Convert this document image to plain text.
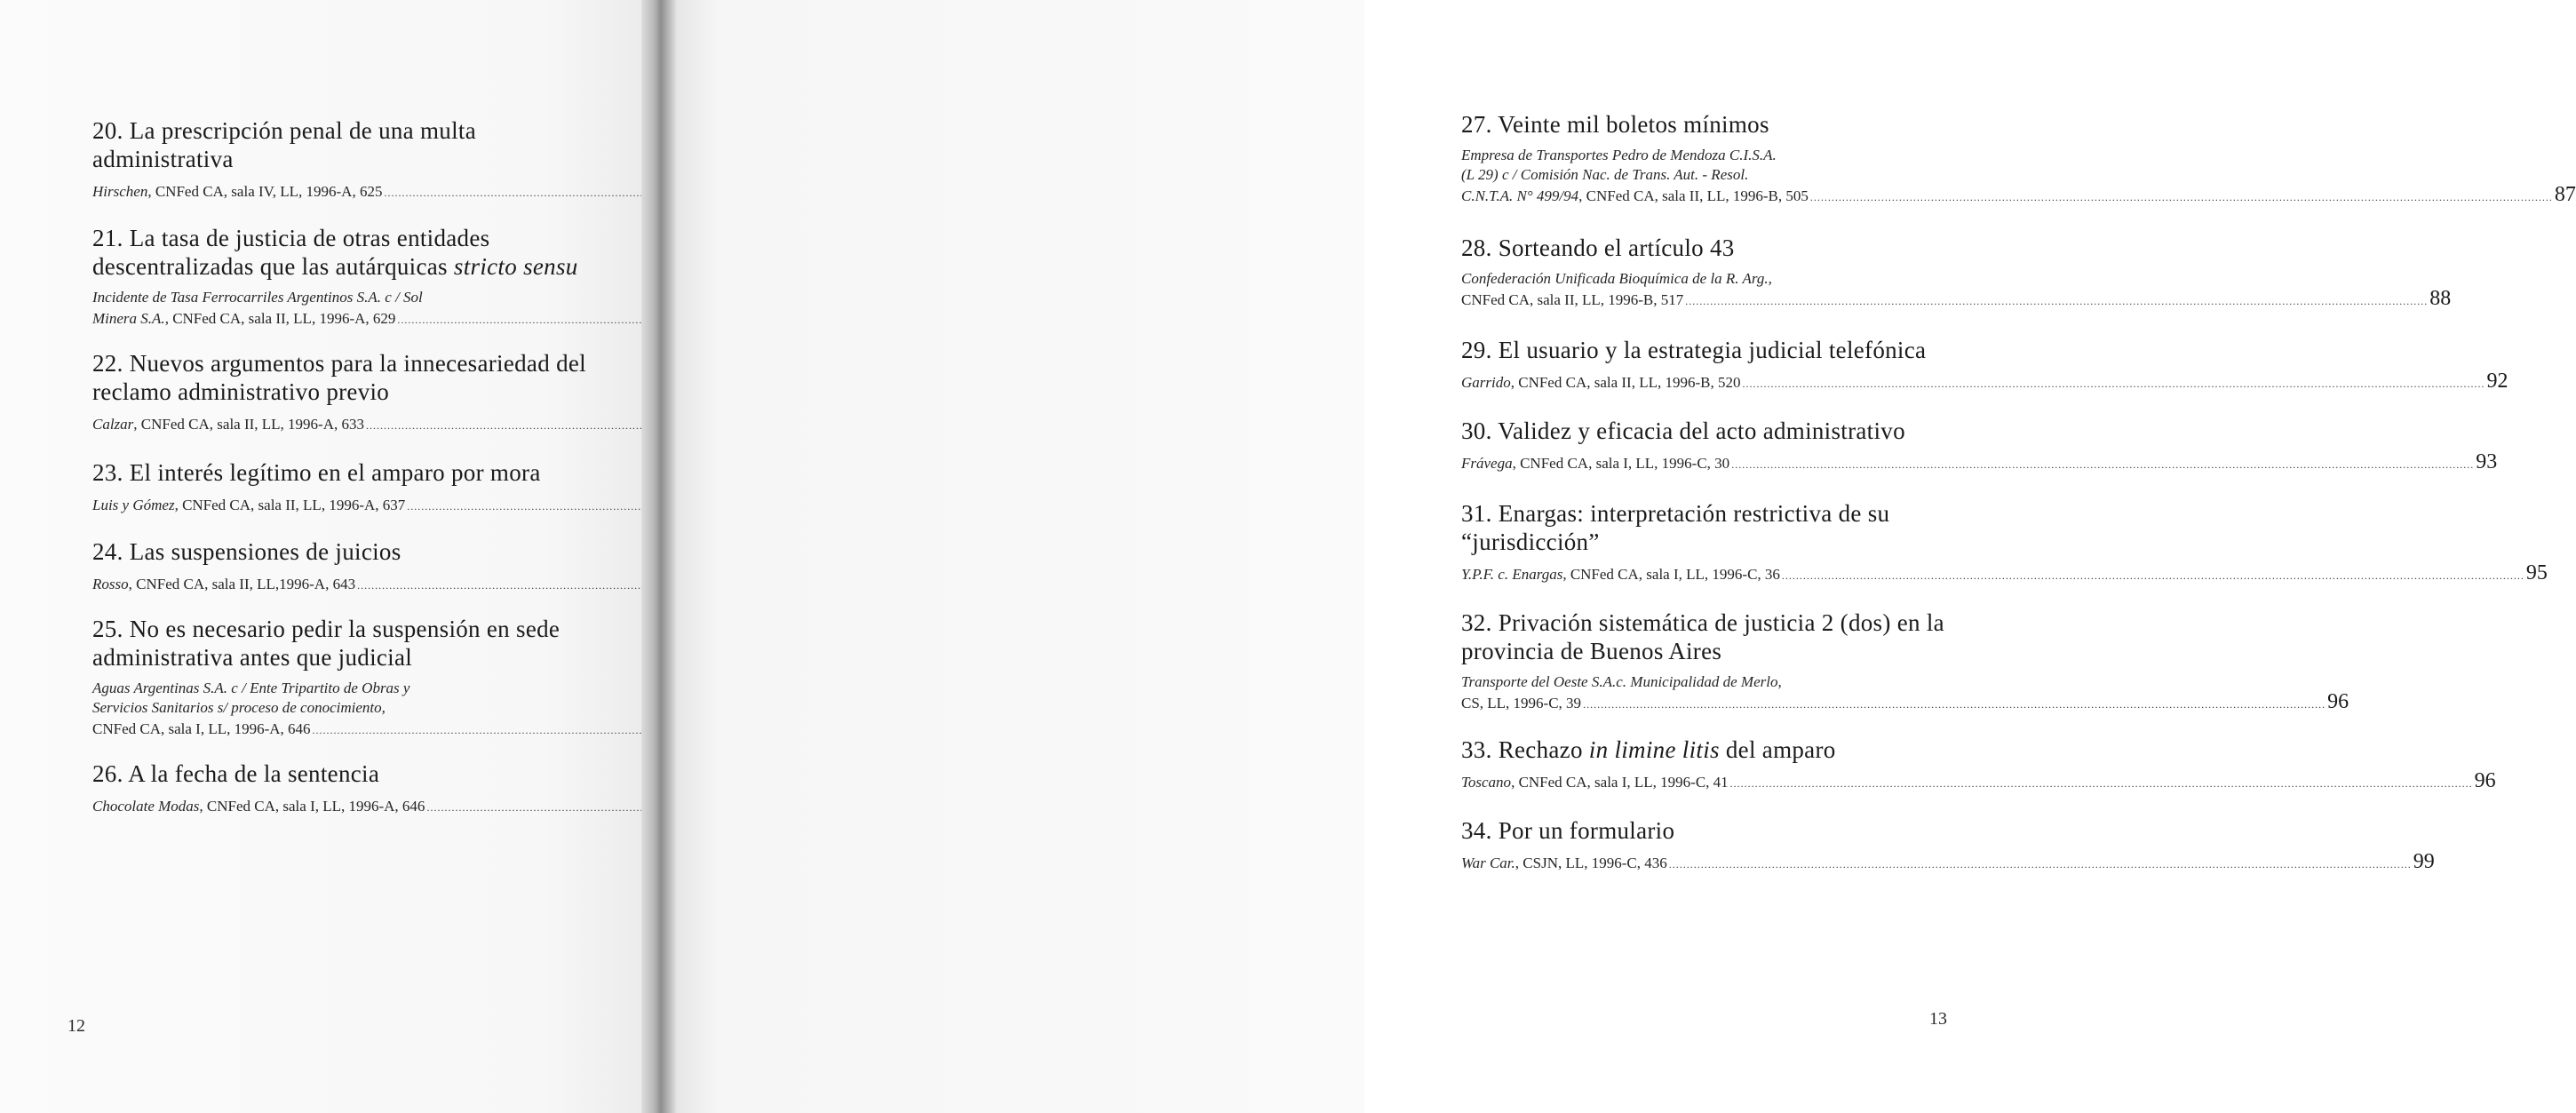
20. La prescripción penal de una multa administrativa

Hirschen, CNFed CA, sala IV, LL, 1996-A, 625
.....

21. La tasa de justicia de otras entidades descentralizadas que las autárquicas stricto sensu

Incidente de Tasa Ferrocarriles Argentinos S.A. c / Sol
Minera S.A., CNFed CA, sala II, LL, 1996-A, 629
.....

22. Nuevos argumentos para la innecesariedad del reclamo administrativo previo

Calzar, CNFed CA, sala II, LL, 1996-A, 633
.....

23. El interés legítimo en el amparo por mora

Luis y Gómez, CNFed CA, sala II, LL, 1996-A, 637
.....

24. Las suspensiones de juicios

Rosso, CNFed CA, sala II, LL,1996-A, 643
.....

25. No es necesario pedir la suspensión en sede administrativa antes que judicial

Aguas Argentinas S.A. c / Ente Tripartito de Obras y
Servicios Sanitarios s/ proceso de conocimiento,
CNFed CA, sala I, LL, 1996-A, 646
.....

26. A la fecha de la sentencia

Chocolate Modas, CNFed CA, sala I, LL, 1996-A, 646
.....
12

27. Veinte mil boletos mínimos

Empresa de Transportes Pedro de Mendoza C.I.S.A.
(L 29) c / Comisión Nac. de Trans. Aut. - Resol.
C.N.T.A. N° 499/94, CNFed CA, sala II, LL, 1996-B, 505 .....	87

28. Sorteando el artículo 43

Confederación Unificada Bioquímica de la R. Arg.,
CNFed CA, sala II, LL, 1996-B, 517 .....	88

29. El usuario y la estrategia judicial telefónica

Garrido, CNFed CA, sala II, LL, 1996-B, 520 .....	92

30. Validez y eficacia del acto administrativo

Frávega, CNFed CA, sala I, LL, 1996-C, 30 .....	93

31. Enargas: interpretación restrictiva de su “jurisdicción”

Y.P.F. c. Enargas, CNFed CA, sala I, LL, 1996-C, 36 .....	95

32. Privación sistemática de justicia 2 (dos) en la provincia de Buenos Aires

Transporte del Oeste S.A.c. Municipalidad de Merlo,
CS, LL, 1996-C, 39 .....	96

33. Rechazo in limine litis del amparo

Toscano, CNFed CA, sala I, LL, 1996-C, 41 .....	96

34. Por un formulario

War Car., CSJN, LL, 1996-C, 436 .....	99
13
